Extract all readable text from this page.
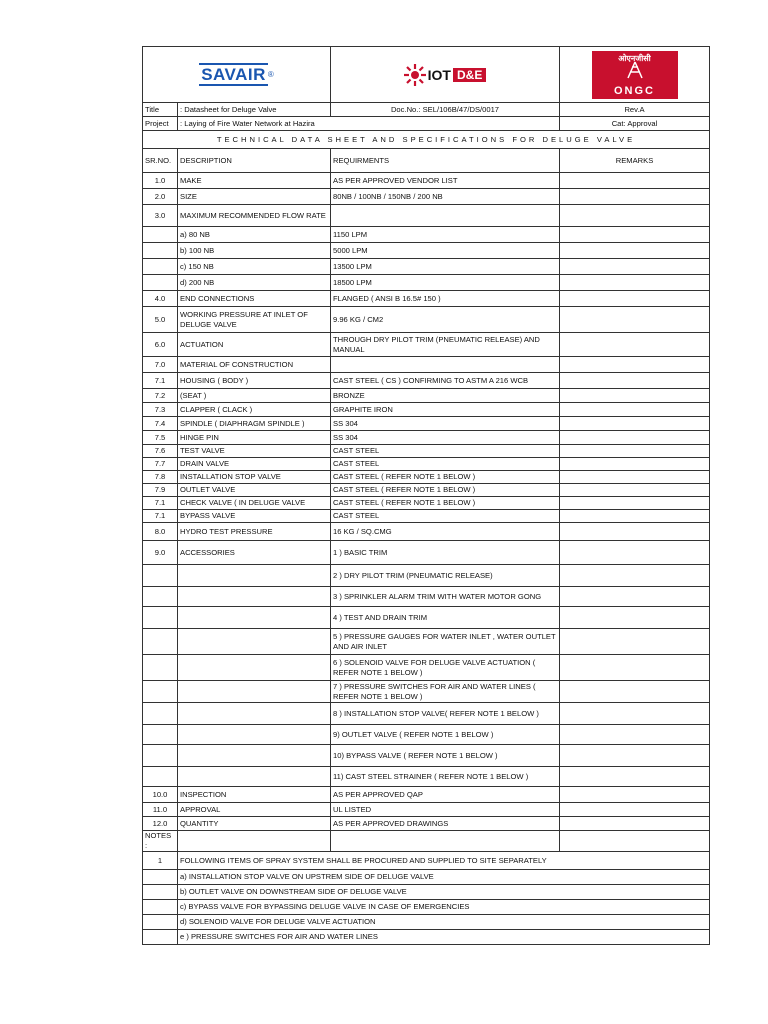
SAVAIR ®		IOT D&E	ओएनजीसी
ONGC

Title	: Datasheet for Deluge Valve	Doc.No.: SEL/106B/47/DS/0017	Rev.A
Project	: Laying of Fire Water Network at Hazira		Cat: Approval
TECHNICAL DATA SHEET AND SPECIFICATIONS FOR DELUGE VALVE			
SR.NO.	DESCRIPTION	REQUIRMENTS	REMARKS
1.0	MAKE	AS PER APPROVED VENDOR LIST	
2.0	SIZE	80NB / 100NB / 150NB / 200 NB	
3.0	MAXIMUM RECOMMENDED FLOW RATE		
	a) 80 NB	1150 LPM	
	b) 100 NB	5000 LPM	
	c) 150 NB	13500 LPM	
	d) 200 NB	18500 LPM	
4.0	END CONNECTIONS	FLANGED ( ANSI B 16.5# 150 )	
5.0	WORKING PRESSURE AT INLET OF DELUGE VALVE	9.96 KG / CM2	
6.0	ACTUATION	THROUGH DRY PILOT TRIM (PNEUMATIC RELEASE) AND MANUAL	
7.0	MATERIAL OF CONSTRUCTION		
7.1	HOUSING ( BODY )	CAST STEEL ( CS ) CONFIRMING TO ASTM A 216 WCB	
7.2	(SEAT )	BRONZE	
7.3	CLAPPER ( CLACK )	GRAPHITE IRON	
7.4	SPINDLE ( DIAPHRAGM SPINDLE )	SS 304	
7.5	HINGE PIN	SS 304	
7.6	TEST VALVE	CAST STEEL	
7.7	DRAIN VALVE	CAST STEEL	
7.8	INSTALLATION STOP VALVE	CAST STEEL ( REFER NOTE 1 BELOW )	
7.9	OUTLET VALVE	CAST STEEL ( REFER NOTE 1 BELOW )	
7.1	CHECK VALVE ( IN DELUGE VALVE	CAST STEEL ( REFER NOTE 1 BELOW )	
7.1	BYPASS VALVE	CAST STEEL	
8.0	HYDRO TEST PRESSURE	16 KG / SQ.CMG	
9.0	ACCESSORIES	1 ) BASIC TRIM	
		2 ) DRY PILOT TRIM (PNEUMATIC RELEASE)	
		3 ) SPRINKLER ALARM TRIM WITH WATER MOTOR GONG	
		4 ) TEST AND DRAIN TRIM	
		5 ) PRESSURE GAUGES FOR WATER INLET , WATER OUTLET AND AIR INLET	
		6 ) SOLENOID VALVE FOR DELUGE VALVE ACTUATION ( REFER NOTE 1 BELOW )	
		7 ) PRESSURE SWITCHES FOR AIR AND WATER LINES ( REFER NOTE 1 BELOW )	
		8 ) INSTALLATION STOP VALVE( REFER NOTE 1 BELOW )	
		9) OUTLET VALVE ( REFER NOTE 1 BELOW )	
		10) BYPASS VALVE ( REFER NOTE 1 BELOW )	
		11) CAST STEEL STRAINER ( REFER NOTE 1 BELOW )	
10.0	INSPECTION	AS PER APPROVED QAP	
11.0	APPROVAL	UL LISTED	
12.0	QUANTITY	AS PER APPROVED DRAWINGS	
NOTES :			
1	FOLLOWING ITEMS OF SPRAY SYSTEM SHALL BE PROCURED AND SUPPLIED TO SITE SEPARATELY		
	a) INSTALLATION STOP VALVE ON UPSTREM SIDE OF DELUGE VALVE		
	b) OUTLET VALVE ON DOWNSTREAM SIDE OF DELUGE VALVE		
	c) BYPASS VALVE FOR BYPASSING DELUGE VALVE IN CASE OF EMERGENCIES		
	d) SOLENOID VALVE FOR DELUGE VALVE ACTUATION		
	e ) PRESSURE SWITCHES FOR AIR AND WATER LINES		
